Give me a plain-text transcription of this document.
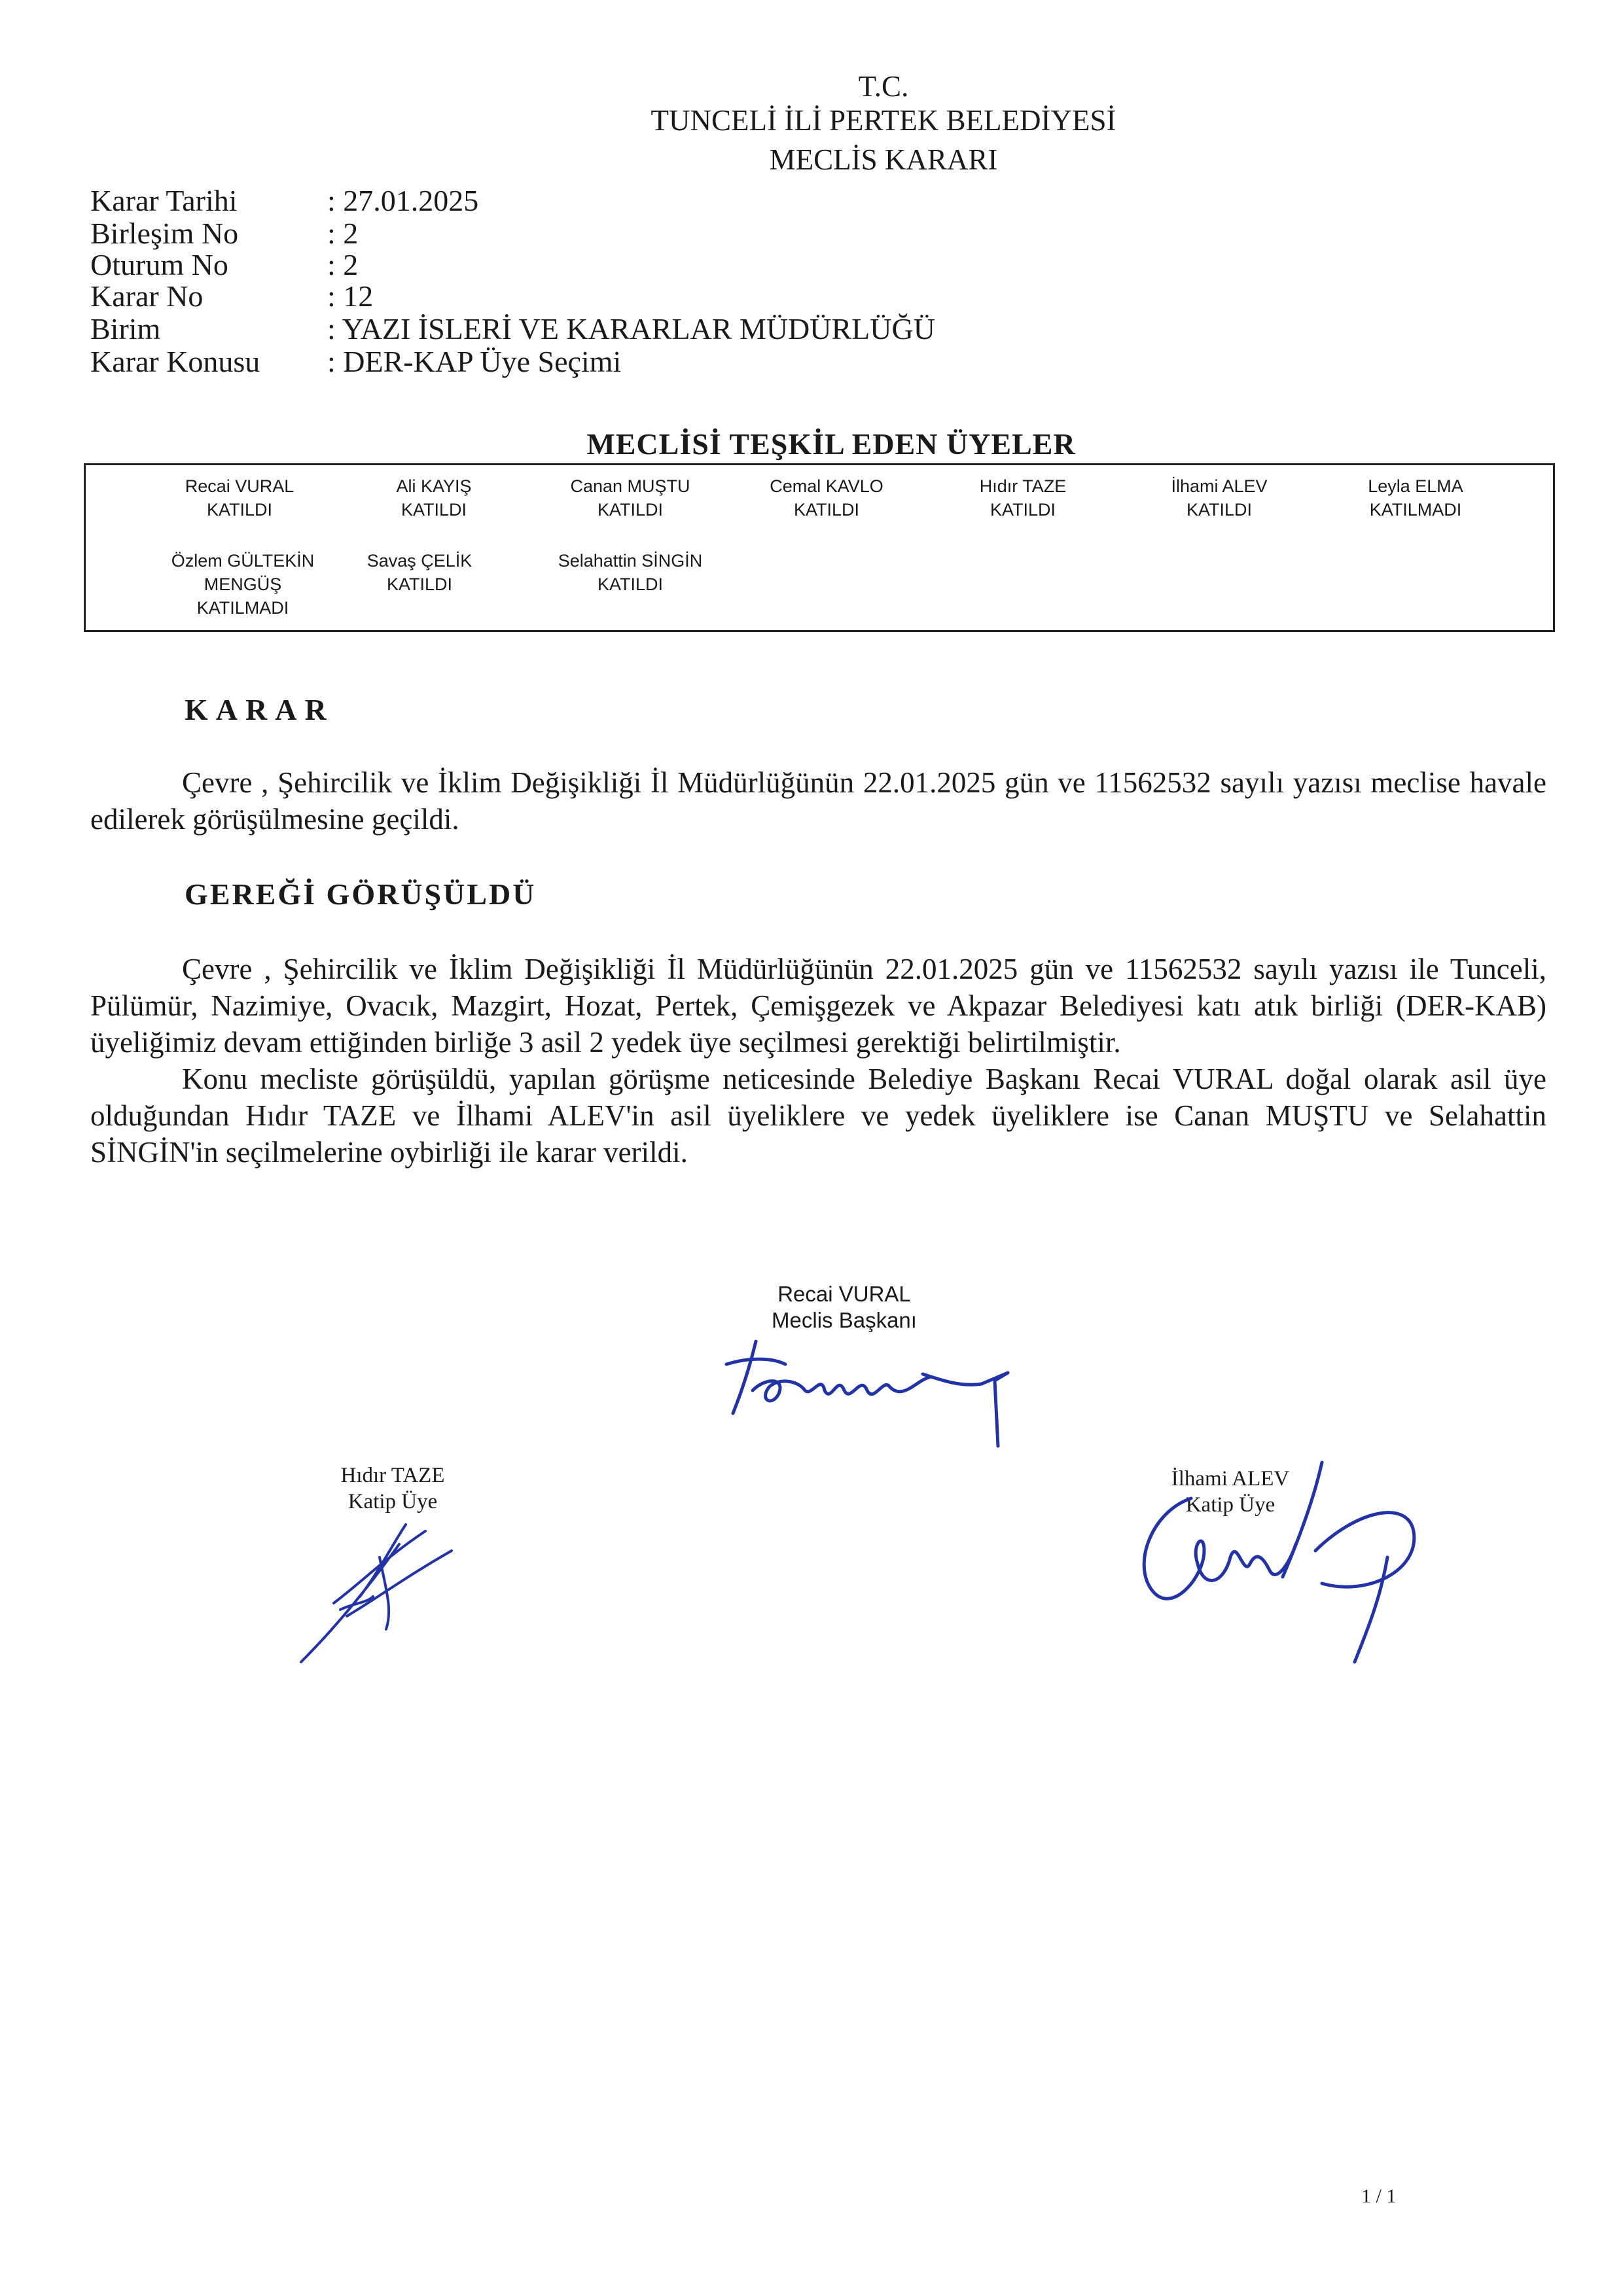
T.C.
TUNCELİ İLİ PERTEK BELEDİYESİ
MECLİS KARARI
Karar Tarihi	: 27.01.2025
Birleşim No	: 2
Oturum No	: 2
Karar No	: 12
Birim	: YAZI İSLERİ VE KARARLAR MÜDÜRLÜĞÜ
Karar Konusu : DER-KAP Üye Seçimi
MECLİSİ TEŞKİL EDEN ÜYELER
Recai VURAL
KATILDI
Ali KAYIŞ
KATILDI
Canan MUŞTU
KATILDI
Cemal KAVLO
KATILDI
Hıdır TAZE
KATILDI
İlhami ALEV
KATILDI
Leyla ELMA
KATILMADI
Özlem GÜLTEKİN MENGÜŞ
KATILMADI
Savaş ÇELİK
KATILDI
Selahattin SİNGİN
KATILDI
KARAR
Çevre , Şehircilik ve İklim Değişikliği İl Müdürlüğünün 22.01.2025 gün ve 11562532 sayılı yazısı meclise havale edilerek görüşülmesine geçildi.
GEREĞİ GÖRÜŞÜLDÜ
Çevre , Şehircilik ve İklim Değişikliği İl Müdürlüğünün 22.01.2025 gün ve 11562532 sayılı yazısı ile Tunceli, Pülümür, Nazimiye, Ovacık, Mazgirt, Hozat, Pertek, Çemişgezek ve Akpazar Belediyesi katı atık birliği (DER-KAB) üyeliğimiz devam ettiğinden birliğe 3 asil 2 yedek üye seçilmesi gerektiği belirtilmiştir.
Konu mecliste görüşüldü, yapılan görüşme neticesinde Belediye Başkanı Recai VURAL doğal olarak asil üye olduğundan Hıdır TAZE ve İlhami ALEV'in asil üyeliklere ve yedek üyeliklere ise Canan MUŞTU ve Selahattin SİNGİN'in seçilmelerine oybirliği ile karar verildi.
Recai VURAL
Meclis Başkanı
Hıdır TAZE
Katip Üye
İlhami ALEV
Katip Üye
1 / 1
